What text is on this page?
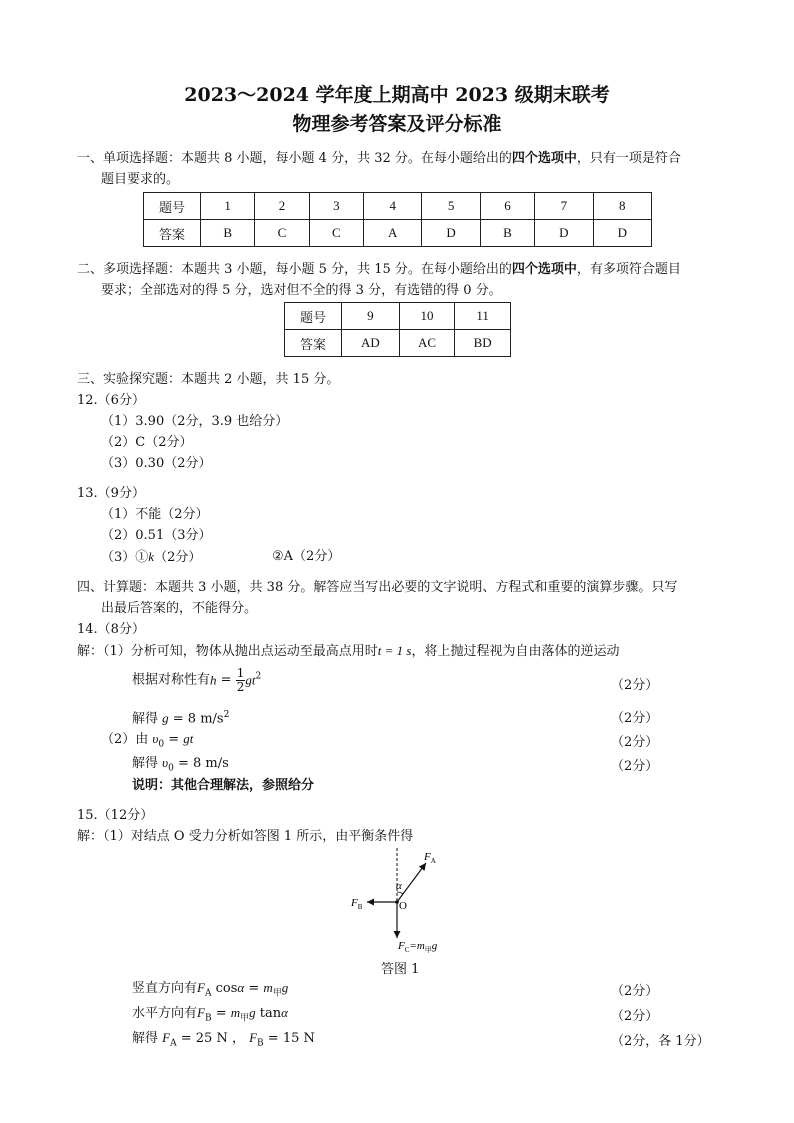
2023～2024 学年度上期高中 2023 级期末联考
物理参考答案及评分标准
一、单项选择题：本题共 8 小题，每小题 4 分，共 32 分。在每小题给出的四个选项中，只有一项是符合
题目要求的。
题号	1	2	3	4	5	6	7	8
答案	B	C	C	A	D	B	D	D
二、多项选择题：本题共 3 小题，每小题 5 分，共 15 分。在每小题给出的四个选项中，有多项符合题目
要求；全部选对的得 5 分，选对但不全的得 3 分，有选错的得 0 分。
题号	9	10	11
答案	AD	AC	BD
三、实验探究题：本题共 2 小题，共 15 分。
12.（6分）
（1）3.90（2分，3.9 也给分）
（2）C（2分）
（3）0.30（2分）
13.（9分）
（1）不能（2分）
（2）0.51（3分）
（3）①k（2分）	②A（2分）
四、计算题：本题共 3 小题，共 38 分。解答应当写出必要的文字说明、方程式和重要的演算步骤。只写
出最后答案的，不能得分。
14.（8分）
解：（1）分析可知，物体从抛出点运动至最高点用时t = 1 s，将上抛过程视为自由落体的逆运动
根据对称性有$h = \frac{1}{2} gt^2$
（2分）
解得 g = 8 $m/s^2$	（2分）
（2）由 $\upsilon_0$ = gt	（2分）
解得 $\upsilon_0 = 8$ m/s	（2分）
说明：其他合理解法，参照给分
15.（12分）
解：（1）对结点 O 受力分析如答图 1 所示，由平衡条件得
α
O
$F_A$
$F_B$
$F_C=m_甲g$
答图 1
竖直方向有$F_A$ $\cos\alpha = m_甲g$	（2分）
水平方向有$F_B = m_甲g$ tanα	（2分）
解得 $F_A = 25$ N ， $F_B = 15$ N	（2分，各 1分）
